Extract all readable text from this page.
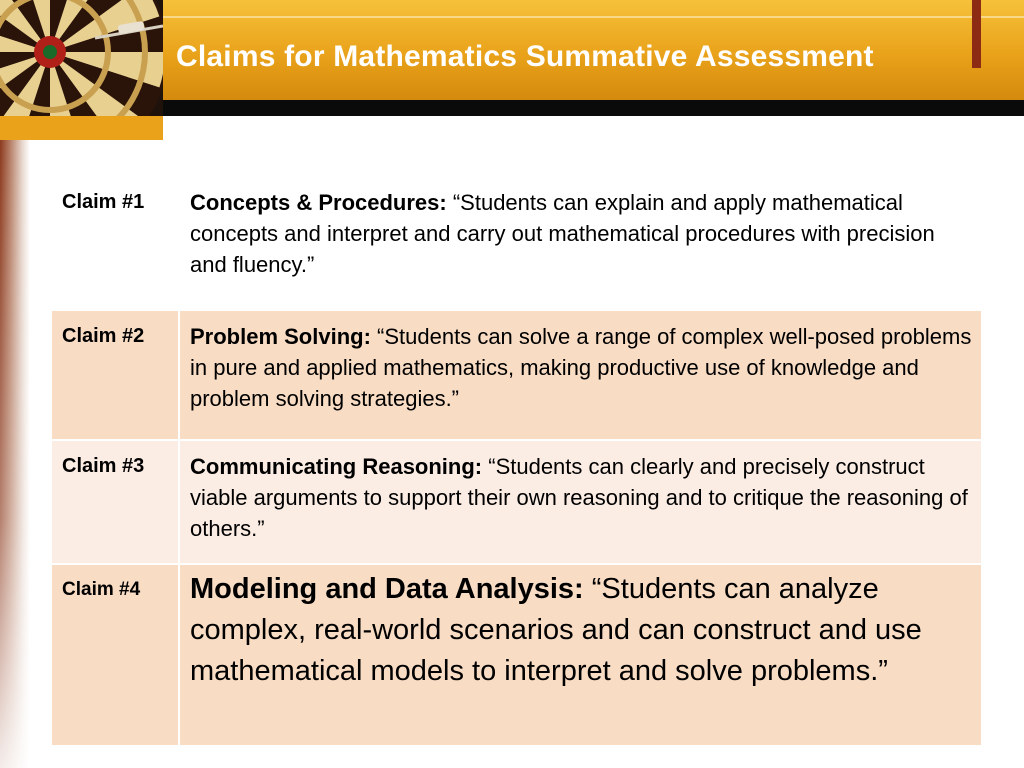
Claims for Mathematics Summative Assessment
Claim #1	Concepts & Procedures: “Students can explain and apply mathematical concepts and interpret and carry out mathematical procedures with precision and fluency.”
Claim #2	Problem Solving: “Students can solve a range of complex well-posed problems in pure and applied mathematics, making productive use of knowledge and problem solving strategies.”
Claim #3	Communicating Reasoning: “Students can clearly and precisely construct viable arguments to support their own reasoning and to critique the reasoning of others.”
Claim #4	Modeling and Data Analysis: “Students can analyze complex, real-world scenarios and can construct and use mathematical models to interpret and solve problems.”
